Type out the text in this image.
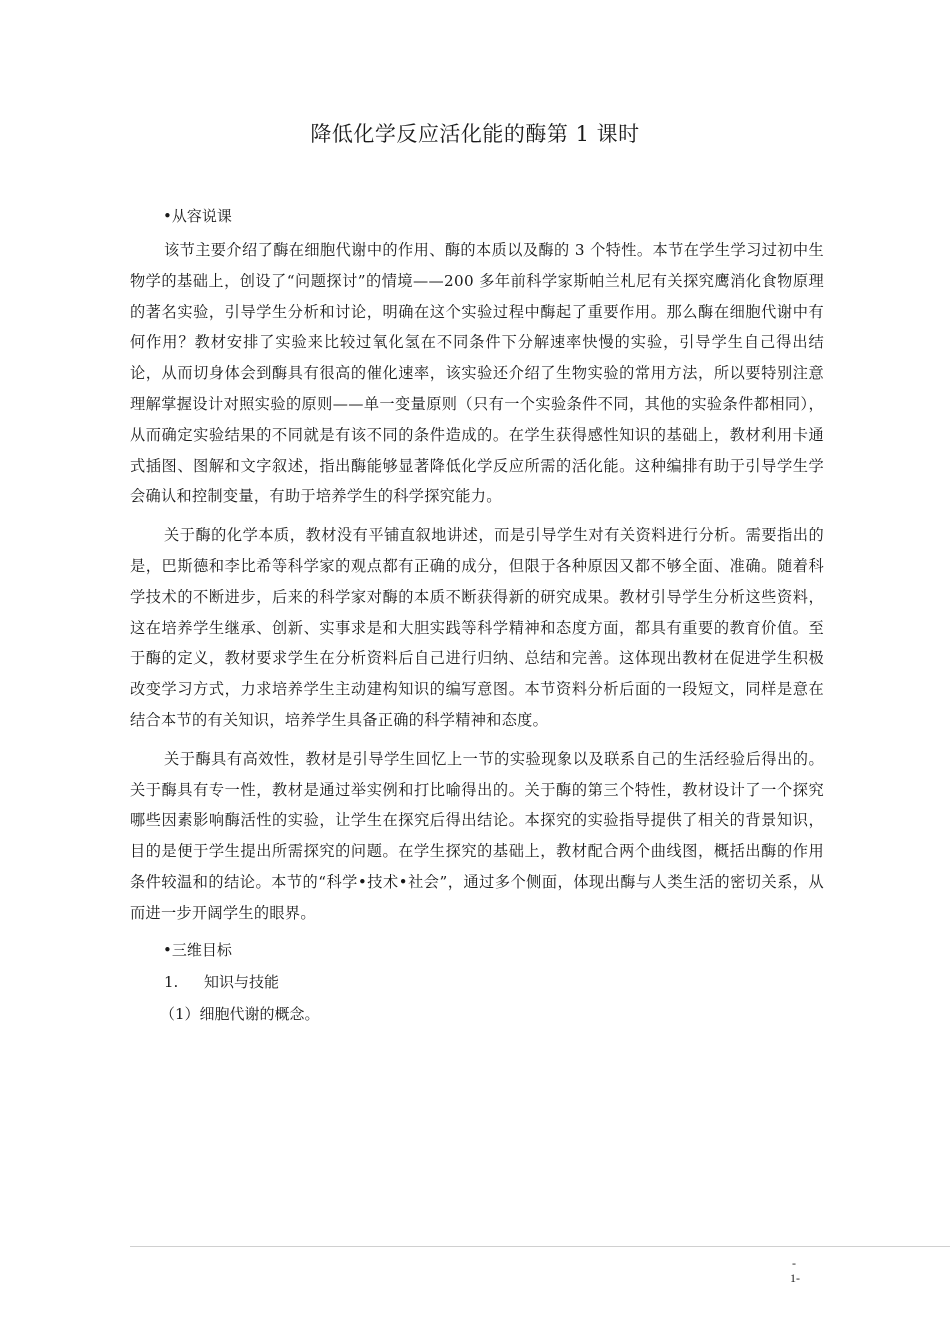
降低化学反应活化能的酶第 1 课时
•从容说课

该节主要介绍了酶在细胞代谢中的作用、酶的本质以及酶的 3 个特性。本节在学生学习过初中生物学的基础上，创设了“问题探讨”的情境——200 多年前科学家斯帕兰札尼有关探究鹰消化食物原理的著名实验，引导学生分析和讨论，明确在这个实验过程中酶起了重要作用。那么酶在细胞代谢中有何作用？教材安排了实验来比较过氧化氢在不同条件下分解速率快慢的实验，引导学生自己得出结论，从而切身体会到酶具有很高的催化速率，该实验还介绍了生物实验的常用方法，所以要特别注意理解掌握设计对照实验的原则——单一变量原则（只有一个实验条件不同，其他的实验条件都相同），从而确定实验结果的不同就是有该不同的条件造成的。在学生获得感性知识的基础上，教材利用卡通式插图、图解和文字叙述，指出酶能够显著降低化学反应所需的活化能。这种编排有助于引导学生学会确认和控制变量，有助于培养学生的科学探究能力。

关于酶的化学本质，教材没有平铺直叙地讲述，而是引导学生对有关资料进行分析。需要指出的是，巴斯德和李比希等科学家的观点都有正确的成分，但限于各种原因又都不够全面、准确。随着科学技术的不断进步，后来的科学家对酶的本质不断获得新的研究成果。教材引导学生分析这些资料，这在培养学生继承、创新、实事求是和大胆实践等科学精神和态度方面，都具有重要的教育价值。至于酶的定义，教材要求学生在分析资料后自己进行归纳、总结和完善。这体现出教材在促进学生积极改变学习方式，力求培养学生主动建构知识的编写意图。本节资料分析后面的一段短文，同样是意在结合本节的有关知识，培养学生具备正确的科学精神和态度。

关于酶具有高效性，教材是引导学生回忆上一节的实验现象以及联系自己的生活经验后得出的。关于酶具有专一性，教材是通过举实例和打比喻得出的。关于酶的第三个特性，教材设计了一个探究哪些因素影响酶活性的实验，让学生在探究后得出结论。本探究的实验指导提供了相关的背景知识，目的是便于学生提出所需探究的问题。在学生探究的基础上，教材配合两个曲线图，概括出酶的作用条件较温和的结论。本节的“科学•技术•社会”，通过多个侧面，体现出酶与人类生活的密切关系，从而进一步开阔学生的眼界。

•三维目标
1. 知识与技能
（1）细胞代谢的概念。
-
1-
